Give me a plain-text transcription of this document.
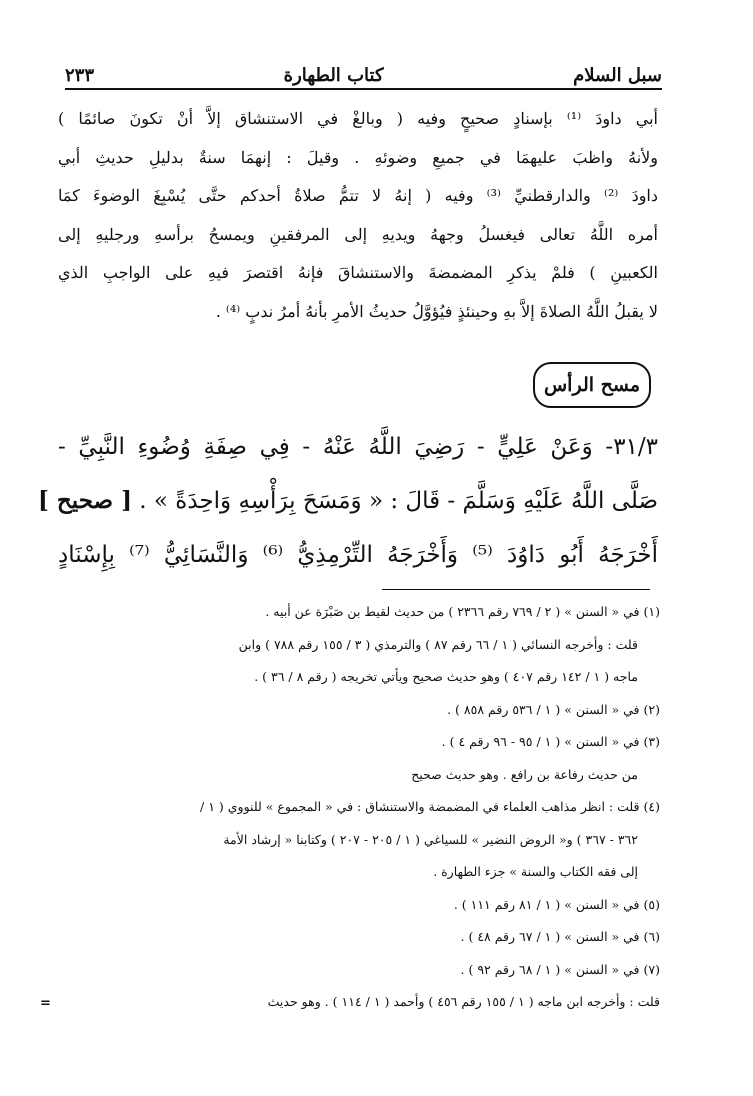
سبل السلام
كتاب الطهارة
٢٣٣

أبي داودَ ⁽¹⁾ بإسنادٍ صحيحٍ وفيه ( وبالغْ في الاستنشاق إلاَّ أنْ تكونَ صائمًا )

ولأنهُ واظبَ عليهمَا في جميعِ وضوئهِ . وقيلَ : إنهمَا سنةٌ بدليلِ حديثِ أبي

داودَ ⁽²⁾ والدارقطنيِّ ⁽³⁾ وفيه ( إنهُ لا تتمُّ صلاةُ أحدكم حتَّى يُسْبِغَ الوضوءَ كمَا

أمره اللَّهُ تعالى فيغسلُ وجههُ ويديهِ إلى المرفقينِ ويمسحُ برأسهِ ورجليهِ إلى

الكعبينِ ) فلمْ يذكرِ المضمضةَ والاستنشاقَ فإنهُ اقتصرَ فيهِ على الواجبِ الذي

لا يقبلُ اللَّهُ الصلاةَ إلاَّ بهِ وحينئذٍ فيُؤوَّلُ حديثُ الأمرِ بأنهُ أمرُ ندبٍ ⁽⁴⁾ .

مسح الرأس

٣١/٣- وَعَنْ عَلِيٍّ - رَضِيَ اللَّهُ عَنْهُ - فِي صِفَةِ وُضُوءِ النَّبِيِّ -

صَلَّى اللَّهُ عَلَيْهِ وَسَلَّمَ - قَالَ : « وَمَسَحَ بِرَأْسِهِ وَاحِدَةً » . [ صحيح ]

أَخْرَجَهُ أَبُو دَاوُدَ ⁽⁵⁾ وَأَخْرَجَهُ التِّرْمِذِيُّ ⁽⁶⁾ وَالنَّسَائِيُّ ⁽⁷⁾ بِإِسْنَادٍ

(١) في « السنن » ( ٢ / ٧٦٩ رقم ٢٣٦٦ ) من حديث لقيط بن صَبْرَة عن أبيه .

قلت : وأخرجه النسائي ( ١ / ٦٦ رقم ٨٧ ) والترمذي ( ٣ / ١٥٥ رقم ٧٨٨ ) وابن

ماجه ( ١ / ١٤٢ رقم ٤٠٧ ) وهو حديث صحيح ويأتي تخريجه ( رقم ٨ / ٣٦ ) .

(٢) في « السنن » ( ١ / ٥٣٦ رقم ٨٥٨ ) .

(٣) في « السنن » ( ١ / ٩٥ - ٩٦ رقم ٤ ) .

من حديث رفاعة بن رافع . وهو حديث صحيح

(٤) قلت : انظر مذاهب العلماء في المضمضة والاستنشاق : في « المجموع » للنووي ( ١ /

٣٦٢ - ٣٦٧ ) و« الروض النضير » للسياغي ( ١ / ٢٠٥ - ٢٠٧ ) وكتابنا « إرشاد الأمة

إلى فقه الكتاب والسنة » جزء الطهارة .

(٥) في « السنن » ( ١ / ٨١ رقم ١١١ ) .

(٦) في « السنن » ( ١ / ٦٧ رقم ٤٨ ) .

(٧) في « السنن » ( ١ / ٦٨ رقم ٩٢ ) .

قلت : وأخرجه ابن ماجه ( ١ / ١٥٥ رقم ٤٥٦ ) وأحمد ( ١ / ١١٤ ) . وهو حديث

=
